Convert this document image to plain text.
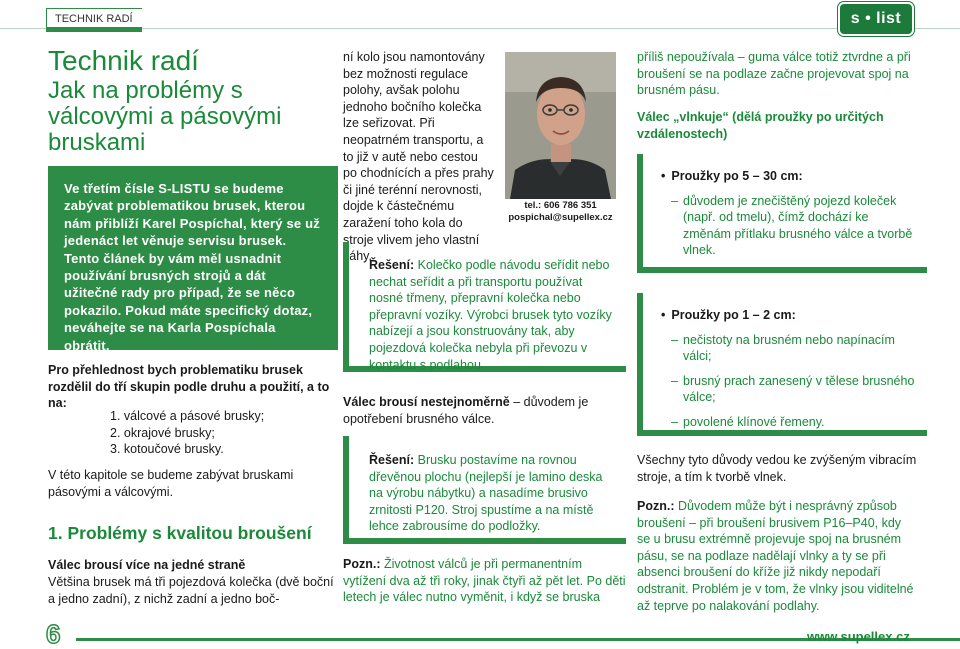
TECHNIK RADÍ	s • list
Technik radí
Jak na problémy s válcovými a pásovými bruskami
Ve třetím čísle S-LISTU se budeme zabývat problematikou brusek, kterou nám přiblíží Karel Pospíchal, který se už jedenáct let věnuje servisu brusek. Tento článek by vám měl usnadnit používání brusných strojů a dát užitečné rady pro případ, že se něco pokazilo. Pokud máte specifický dotaz, neváhejte se na Karla Pospíchala obrátit.
Pro přehlednost bych problematiku brusek rozdělil do tří skupin podle druhu a použití, a to na:
1. válcové a pásové brusky;
2. okrajové brusky;
3. kotoučové brusky.
V této kapitole se budeme zabývat bruskami pásovými a válcovými.
1. Problémy s kvalitou broušení
Válec brousí více na jedné straně
Většina brusek má tři pojezdová kolečka (dvě boční a jedno zadní), z nichž zadní a jedno boč-
ní kolo jsou namontovány bez možnosti regulace polohy, avšak polohu jednoho bočního kolečka lze seřizovat. Při neopatrném transportu, a to již v autě nebo cestou po chodnících a přes prahy či jiné terénní nerovnosti, dojde k částečnému zaražení toho kola do stroje vlivem jeho vlastní váhy.
tel.: 606 786 351
pospichal@supellex.cz
Řešení: Kolečko podle návodu seřídit nebo nechat seřídit a při transportu používat nosné třmeny, přepravní kolečka nebo přepravní vozíky. Výrobci brusek tyto vozíky nabízejí a jsou konstruovány tak, aby pojezdová kolečka nebyla při převozu v kontaktu s podlahou.
Válec brousí nestejnoměrně – důvodem je opotřebení brusného válce.
Řešení: Brusku postavíme na rovnou dřevěnou plochu (nejlepší je lamino deska na výrobu nábytku) a nasadíme brusivo zrnitosti P120. Stroj spustíme a na místě lehce zabrousíme do podložky.
Pozn.: Životnost válců je při permanentním vytížení dva až tři roky, jinak čtyři až pět let. Po děti letech je válec nutno vyměnit, i když se bruska
příliš nepoužívala – guma válce totiž ztvrdne a při broušení se na podlaze začne projevovat spoj na brusném pásu.
Válec „vlnkuje“ (dělá proužky po určitých vzdálenostech)
• Proužky po 5 – 30 cm:
– důvodem je znečištěný pojezd koleček (např. od tmelu), čímž dochází ke změnám přítlaku brusného válce a tvorbě vlnek.
• Proužky po 1 – 2 cm:
– nečistoty na brusném nebo napínacím válci;
– brusný prach zanesený v tělese brusného válce;
– povolené klínové řemeny.
Všechny tyto důvody vedou ke zvýšeným vibracím stroje, a tím k tvorbě vlnek.
Pozn.: Důvodem může být i nesprávný způsob broušení – při broušení brusivem P16–P40, kdy se u brusu extrémně projevuje spoj na brusném pásu, se na podlaze nadělají vlnky a ty se při absenci broušení do kříže již nikdy nepodaří odstranit. Problém je v tom, že vlnky jsou viditelné až teprve po nalakování podlahy.
6	www.supellex.cz
